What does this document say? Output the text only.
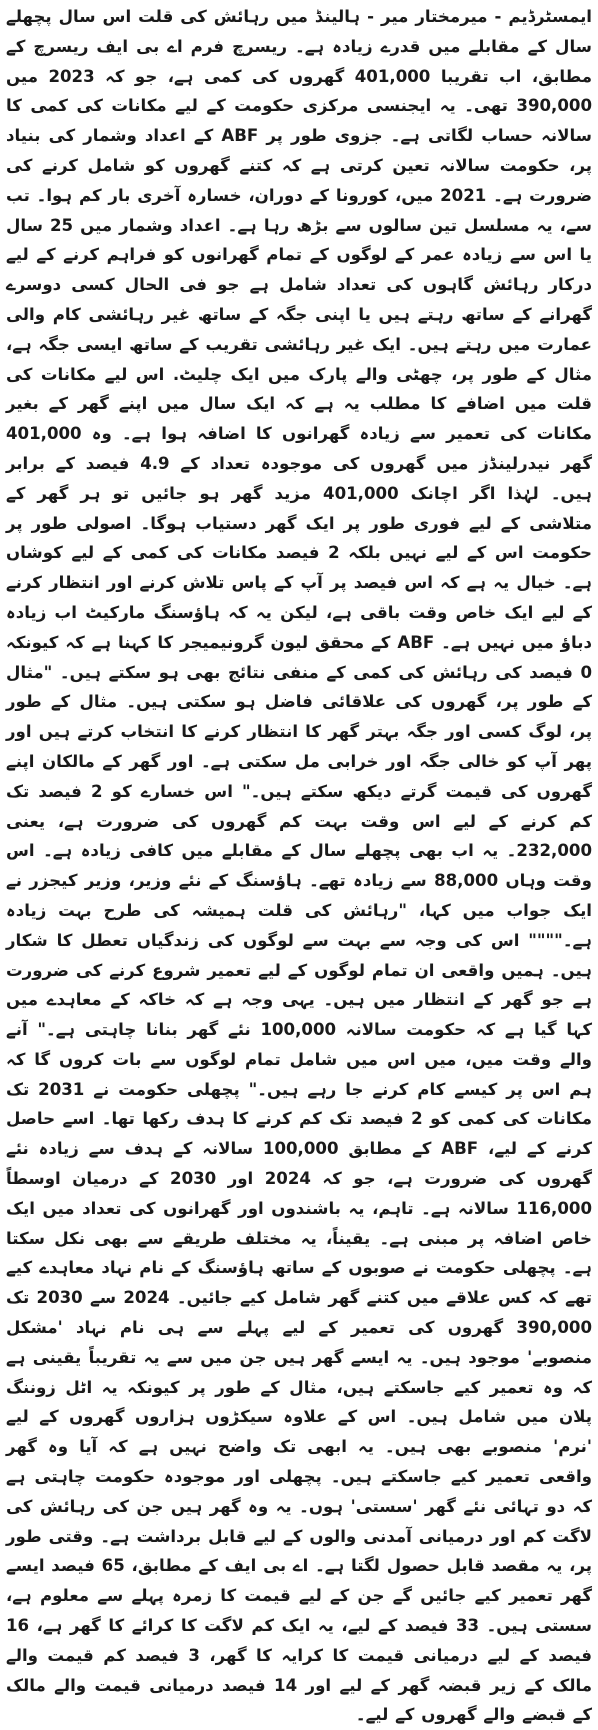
ایمسٹرڈیم - میرمختار میر - ہالینڈ میں رہائش کی قلت اس سال پچھلے سال کے مقابلے میں قدرے زیادہ ہے۔ ریسرچ فرم اے بی ایف ریسرچ کے مطابق، اب تقریبا 401,000 گھروں کی کمی ہے، جو کہ 2023 میں 390,000 تھی۔ یہ ایجنسی مرکزی حکومت کے لیے مکانات کی کمی کا سالانہ حساب لگاتی ہے۔ جزوی طور پر ABF کے اعداد وشمار کی بنیاد پر، حکومت سالانہ تعین کرتی ہے کہ کتنے گھروں کو شامل کرنے کی ضرورت ہے۔ 2021 میں، کورونا کے دوران، خسارہ آخری بار کم ہوا۔ تب سے، یہ مسلسل تین سالوں سے بڑھ رہا ہے۔ اعداد وشمار میں 25 سال یا اس سے زیادہ عمر کے لوگوں کے تمام گھرانوں کو فراہم کرنے کے لیے درکار رہائش گاہوں کی تعداد شامل ہے جو فی الحال کسی دوسرے گھرانے کے ساتھ رہتے ہیں یا اپنی جگہ کے ساتھ غیر رہائشی کام والی عمارت میں رہتے ہیں۔ ایک غیر رہائشی تقریب کے ساتھ ایسی جگہ ہے، مثال کے طور پر، چھٹی والے پارک میں ایک چلیٹ. اس لیے مکانات کی قلت میں اضافے کا مطلب یہ ہے کہ ایک سال میں اپنے گھر کے بغیر مکانات کی تعمیر سے زیادہ گھرانوں کا اضافہ ہوا ہے۔ وہ 401,000 گھر نیدرلینڈز میں گھروں کی موجودہ تعداد کے 4.9 فیصد کے برابر ہیں۔ لہٰذا اگر اچانک 401,000 مزید گھر ہو جائیں تو ہر گھر کے متلاشی کے لیے فوری طور پر ایک گھر دستیاب ہوگا۔ اصولی طور پر حکومت اس کے لیے نہیں بلکہ 2 فیصد مکانات کی کمی کے لیے کوشاں ہے۔ خیال یہ ہے کہ اس فیصد پر آپ کے پاس تلاش کرنے اور انتظار کرنے کے لیے ایک خاص وقت باقی ہے، لیکن یہ کہ ہاؤسنگ مارکیٹ اب زیادہ دباؤ میں نہیں ہے۔ ABF کے محقق لیون گرونیمیجر کا کہنا ہے کہ کیونکہ 0 فیصد کی رہائش کی کمی کے منفی نتائج بھی ہو سکتے ہیں۔ "مثال کے طور پر، گھروں کی علاقائی فاضل ہو سکتی ہیں۔ مثال کے طور پر، لوگ کسی اور جگہ بہتر گھر کا انتظار کرنے کا انتخاب کرتے ہیں اور پھر آپ کو خالی جگہ اور خرابی مل سکتی ہے۔ اور گھر کے مالکان اپنے گھروں کی قیمت گرتے دیکھ سکتے ہیں۔" اس خسارے کو 2 فیصد تک کم کرنے کے لیے اس وقت بہت کم گھروں کی ضرورت ہے، یعنی 232,000۔ یہ اب بھی پچھلے سال کے مقابلے میں کافی زیادہ ہے۔ اس وقت وہاں 88,000 سے زیادہ تھے۔ ہاؤسنگ کے نئے وزیر، وزیر کیجزر نے ایک جواب میں کہا، "رہائش کی قلت ہمیشہ کی طرح بہت زیادہ ہے۔"""" اس کی وجہ سے بہت سے لوگوں کی زندگیاں تعطل کا شکار ہیں۔ ہمیں واقعی ان تمام لوگوں کے لیے تعمیر شروع کرنے کی ضرورت ہے جو گھر کے انتظار میں ہیں۔ یہی وجہ ہے کہ خاکہ کے معاہدے میں کہا گیا ہے کہ حکومت سالانہ 100,000 نئے گھر بنانا چاہتی ہے۔" آنے والے وقت میں، میں اس میں شامل تمام لوگوں سے بات کروں گا کہ ہم اس پر کیسے کام کرنے جا رہے ہیں۔" پچھلی حکومت نے 2031 تک مکانات کی کمی کو 2 فیصد تک کم کرنے کا ہدف رکھا تھا۔ اسے حاصل کرنے کے لیے، ABF کے مطابق 100,000 سالانہ کے ہدف سے زیادہ نئے گھروں کی ضرورت ہے، جو کہ 2024 اور 2030 کے درمیان اوسطاً 116,000 سالانہ ہے۔ تاہم، یہ باشندوں اور گھرانوں کی تعداد میں ایک خاص اضافہ پر مبنی ہے۔ یقیناً، یہ مختلف طریقے سے بھی نکل سکتا ہے۔ پچھلی حکومت نے صوبوں کے ساتھ ہاؤسنگ کے نام نہاد معاہدے کیے تھے کہ کس علاقے میں کتنے گھر شامل کیے جائیں۔ 2024 سے 2030 تک 390,000 گھروں کی تعمیر کے لیے پہلے سے ہی نام نہاد 'مشکل منصوبے' موجود ہیں۔ یہ ایسے گھر ہیں جن میں سے یہ تقریباً یقینی ہے کہ وہ تعمیر کیے جاسکتے ہیں، مثال کے طور پر کیونکہ یہ اٹل زوننگ پلان میں شامل ہیں۔ اس کے علاوہ سیکڑوں ہزاروں گھروں کے لیے 'نرم' منصوبے بھی ہیں۔ یہ ابھی تک واضح نہیں ہے کہ آیا وہ گھر واقعی تعمیر کیے جاسکتے ہیں۔ پچھلی اور موجودہ حکومت چاہتی ہے کہ دو تہائی نئے گھر 'سستی' ہوں۔ یہ وہ گھر ہیں جن کی رہائش کی لاگت کم اور درمیانی آمدنی والوں کے لیے قابل برداشت ہے۔ وقتی طور پر، یہ مقصد قابل حصول لگتا ہے۔ اے بی ایف کے مطابق، 65 فیصد ایسے گھر تعمیر کیے جائیں گے جن کے لیے قیمت کا زمرہ پہلے سے معلوم ہے، سستی ہیں۔ 33 فیصد کے لیے، یہ ایک کم لاگت کا کرائے کا گھر ہے، 16 فیصد کے لیے درمیانی قیمت کا کرایہ کا گھر، 3 فیصد کم قیمت والے مالک کے زیر قبضہ گھر کے لیے اور 14 فیصد درمیانی قیمت والے مالک کے قبضے والے گھروں کے لیے۔
